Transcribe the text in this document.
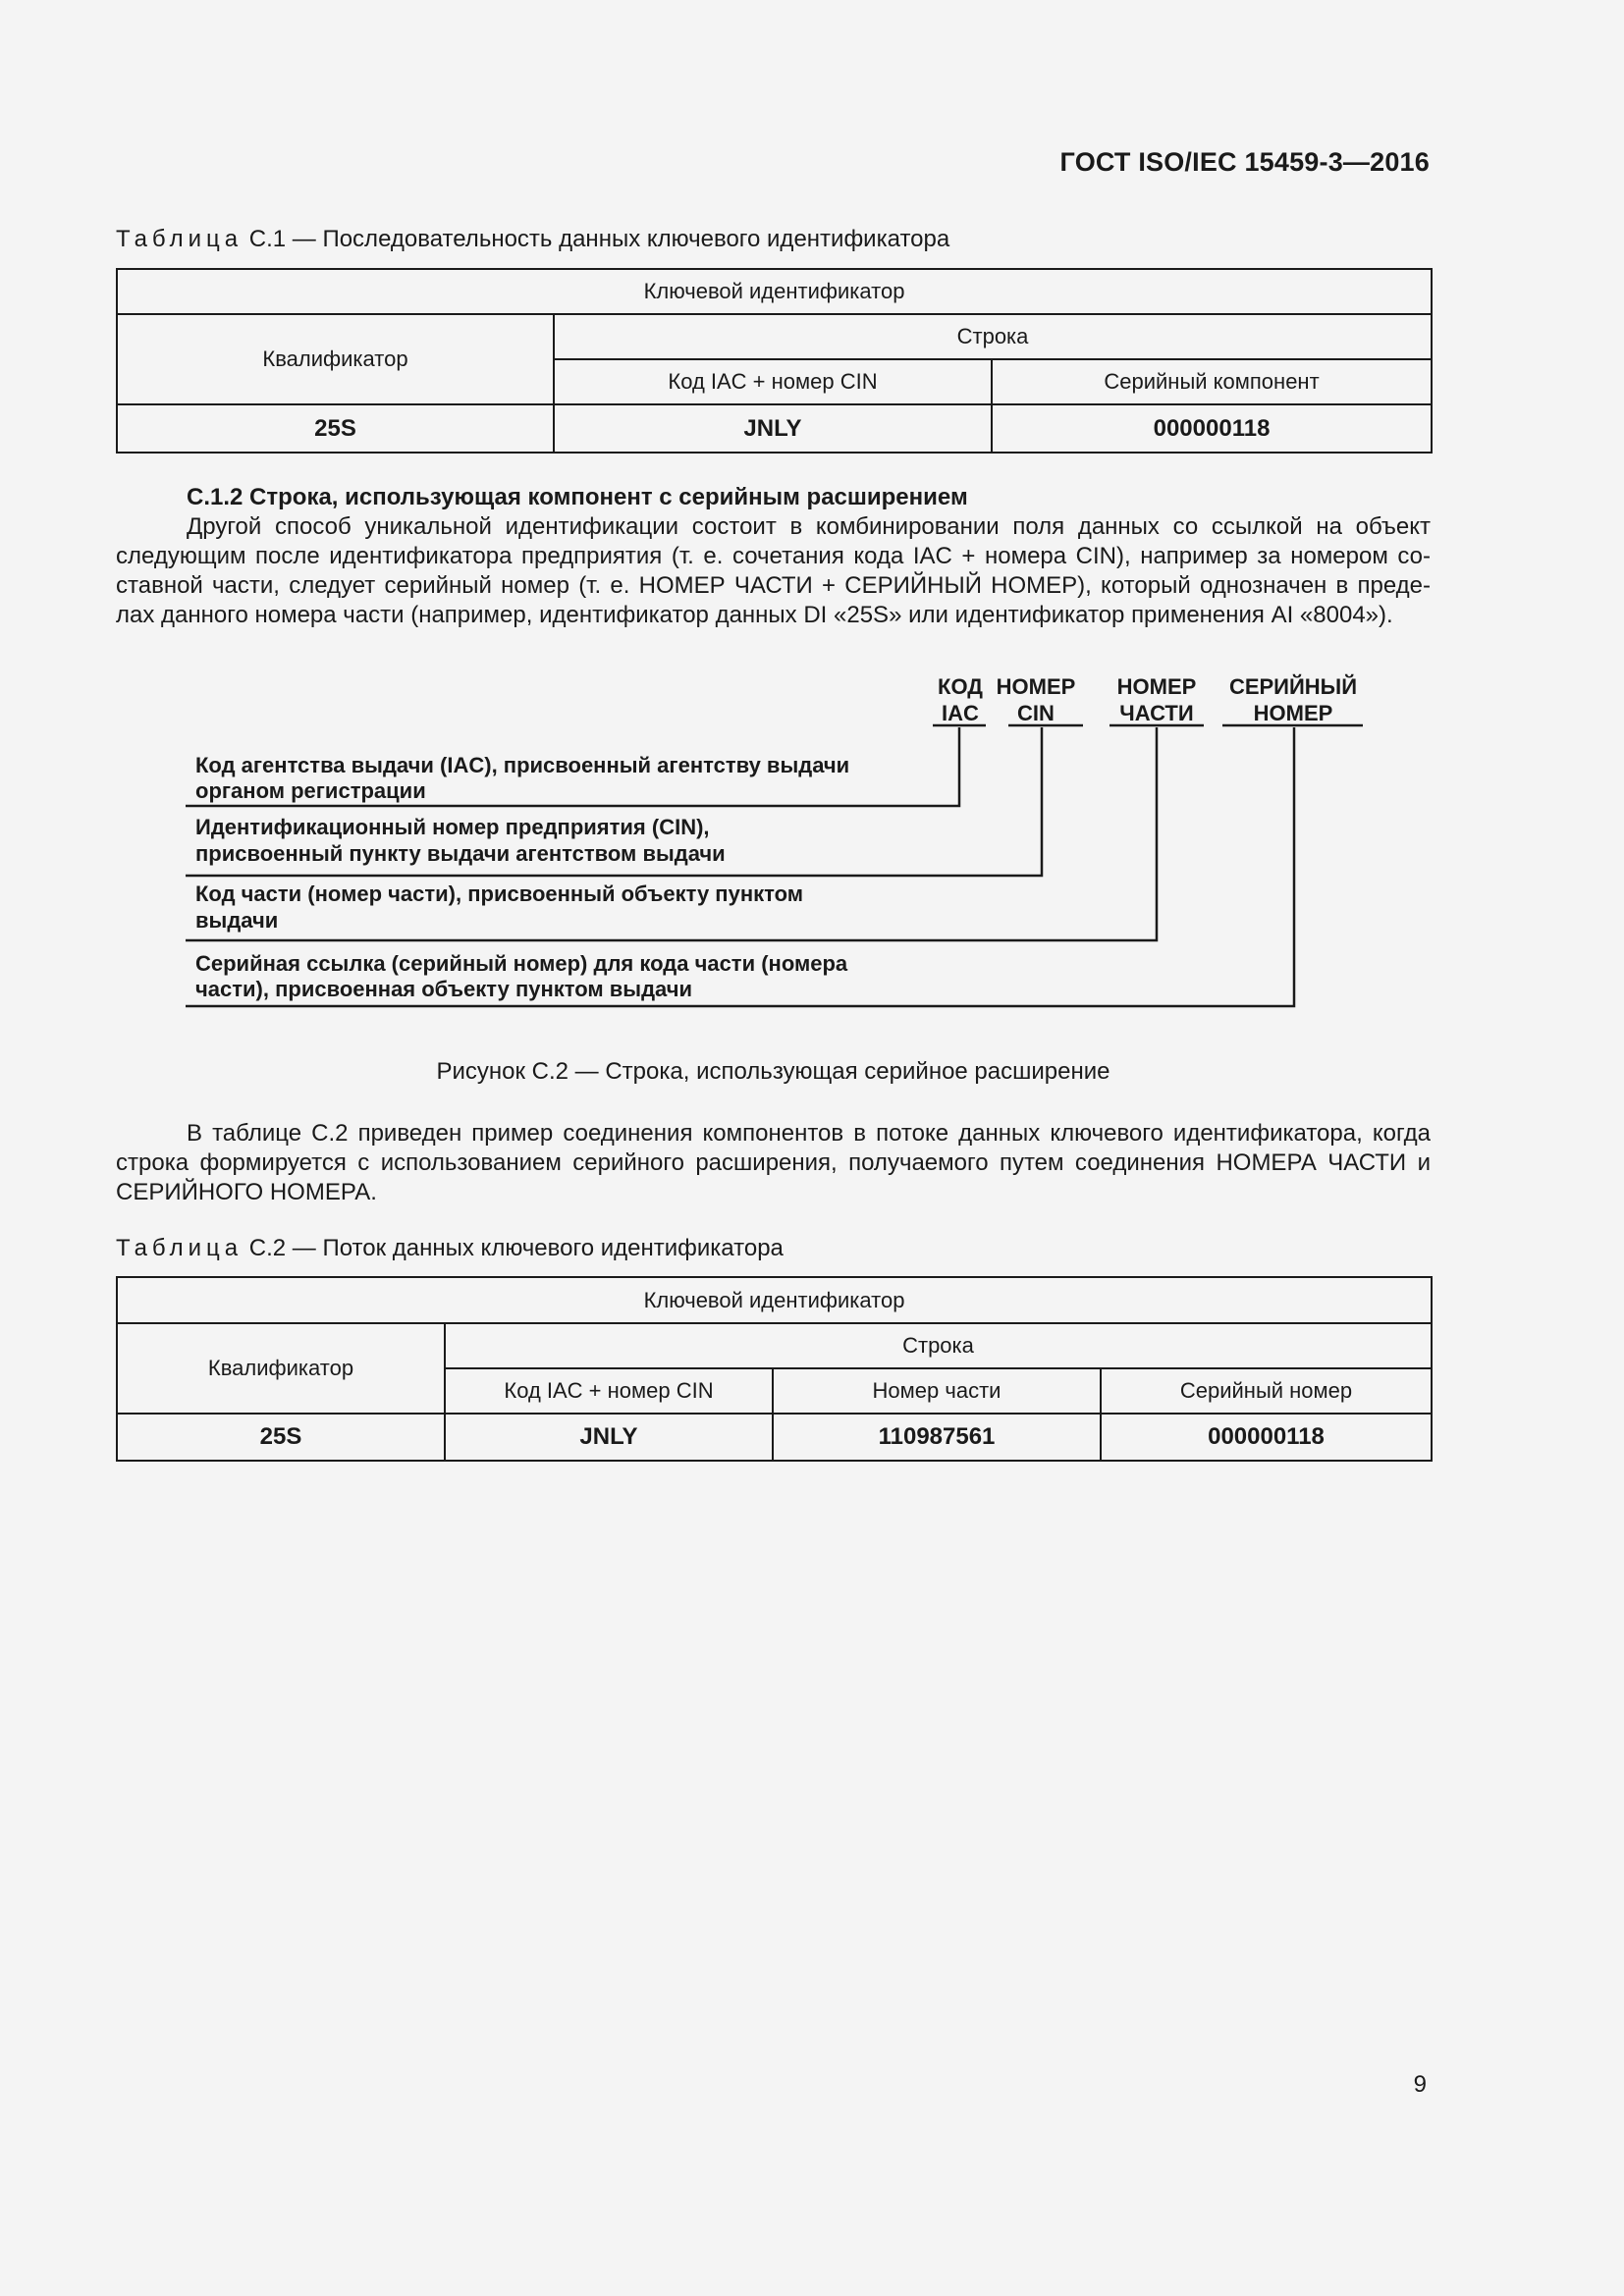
ГОСТ ISO/IEC 15459-3—2016
Таблица С.1 — Последовательность данных ключевого идентификатора
Ключевой идентификатор		
Квалификатор	Строка	
	Код IAC + номер CIN	Серийный компонент
25S	JNLY	000000118
С.1.2 Строка, использующая компонент с серийным расширением
Другой способ уникальной идентификации состоит в комбинировании поля данных со ссылкой на объект
следующим после идентификатора предприятия (т. е. сочетания кода IAC + номера CIN), например за номером со-
ставной части, следует серийный номер (т. е. НОМЕР ЧАСТИ + СЕРИЙНЫЙ НОМЕР), который однозначен в преде-
лах данного номера части (например, идентификатор данных DI «25S» или идентификатор применения AI «8004»).
КОД
IAC
НОМЕР
CIN
НОМЕР
ЧАСТИ
СЕРИЙНЫЙ
НОМЕР
Код агентства выдачи (IAC), присвоенный агентству выдачи
органом регистрации
Идентификационный номер предприятия (CIN),
присвоенный пункту выдачи агентством выдачи
Код части (номер части), присвоенный объекту пунктом
выдачи
Серийная ссылка (серийный номер) для кода части (номера
части), присвоенная объекту пунктом выдачи
Рисунок С.2 — Строка, использующая серийное расширение
В таблице С.2 приведен пример соединения компонентов в потоке данных ключевого идентификатора, когда
строка формируется с использованием серийного расширения, получаемого путем соединения НОМЕРА ЧАСТИ и
СЕРИЙНОГО НОМЕРА.
Таблица С.2 — Поток данных ключевого идентификатора
Ключевой идентификатор			
Квалификатор	Строка		
	Код IAC + номер CIN	Номер части	Серийный номер
25S	JNLY	110987561	000000118
9
